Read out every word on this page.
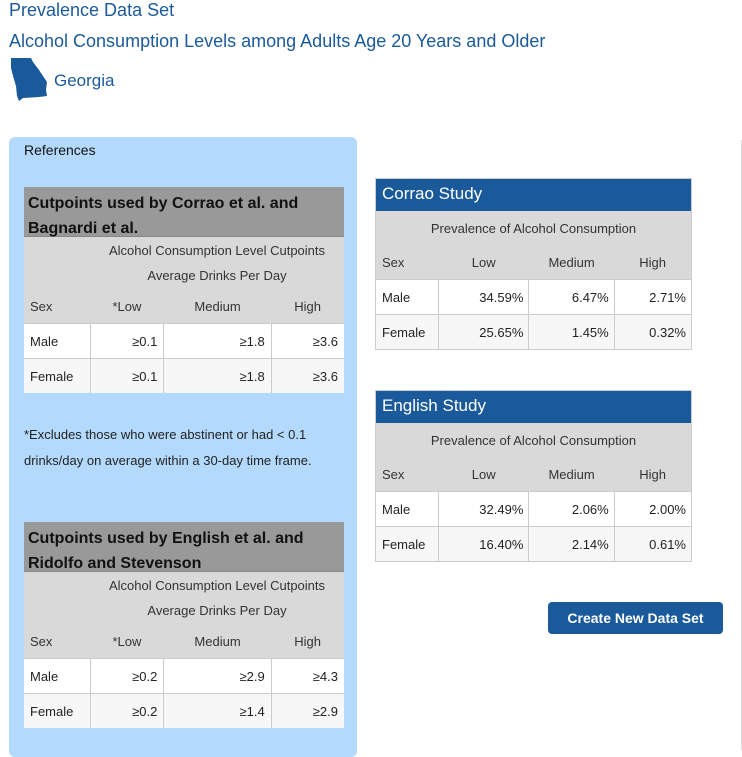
Prevalence Data Set
Alcohol Consumption Levels among Adults Age 20 Years and Older
Georgia
References
Cutpoints used by Corrao et al. and Bagnardi et al.

	Alcohol Consumption Level Cutpoints
Average Drinks Per Day		

Sex	*Low	Medium	High
Male	≥0.1	≥1.8	≥3.6
Female	≥0.1	≥1.8	≥3.6
*Excludes those who were abstinent or had < 0.1 drinks/day on average within a 30-day time frame.
Cutpoints used by English et al. and Ridolfo and Stevenson

	Alcohol Consumption Level Cutpoints
Average Drinks Per Day		

Sex	*Low	Medium	High
Male	≥0.2	≥2.9	≥4.3
Female	≥0.2	≥1.4	≥2.9
Corrao Study
Prevalence of Alcohol Consumption			
Sex	Low	Medium	High
Male	34.59%	6.47%	2.71%
Female	25.65%	1.45%	0.32%
English Study
Prevalence of Alcohol Consumption			
Sex	Low	Medium	High
Male	32.49%	2.06%	2.00%
Female	16.40%	2.14%	0.61%
Create New Data Set
